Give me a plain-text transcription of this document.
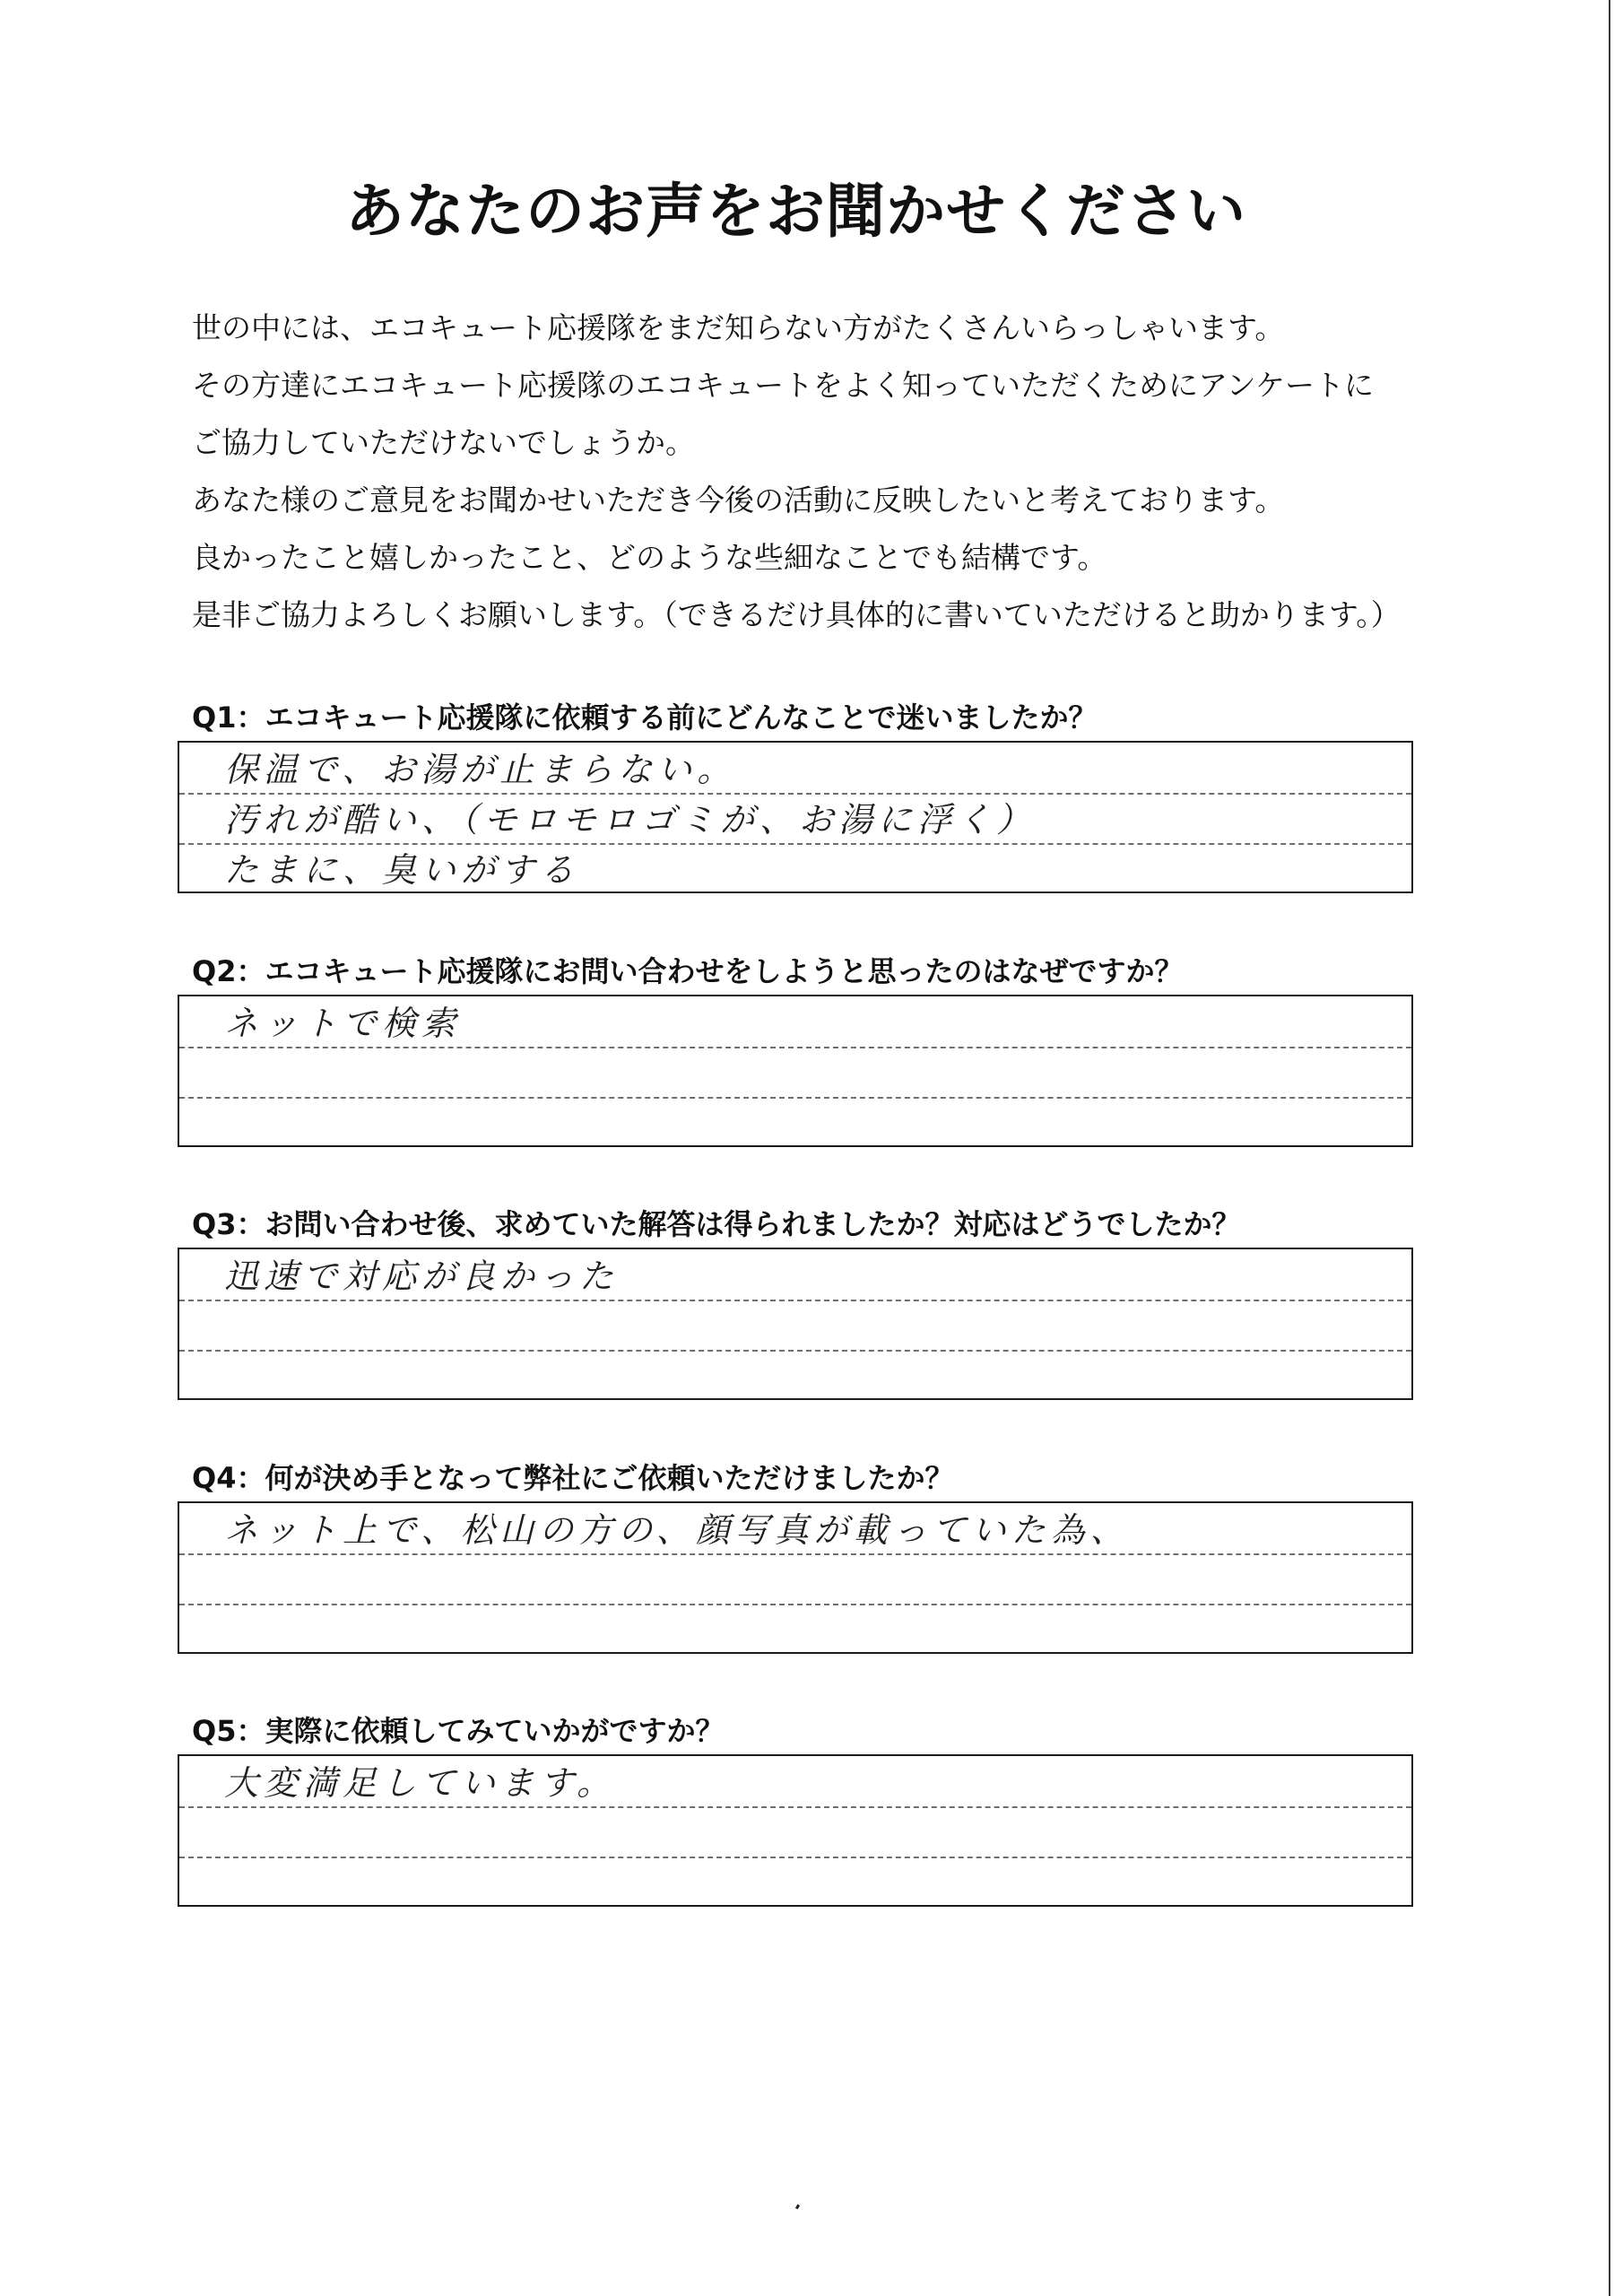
あなたのお声をお聞かせください
世の中には、エコキュート応援隊をまだ知らない方がたくさんいらっしゃいます。
その方達にエコキュート応援隊のエコキュートをよく知っていただくためにアンケートに
ご協力していただけないでしょうか。
あなた様のご意見をお聞かせいただき今後の活動に反映したいと考えております。
良かったこと嬉しかったこと、どのような些細なことでも結構です。
是非ご協力よろしくお願いします。（できるだけ具体的に書いていただけると助かります。）
Q1：エコキュート応援隊に依頼する前にどんなことで迷いましたか？
保温で、お湯が止まらない。
汚れが酷い、（モロモロゴミが、お湯に浮く）
たまに、臭いがする
Q2：エコキュート応援隊にお問い合わせをしようと思ったのはなぜですか？
ネットで検索
Q3：お問い合わせ後、求めていた解答は得られましたか？対応はどうでしたか？
迅速で対応が良かった
Q4：何が決め手となって弊社にご依頼いただけましたか？
ネット上で、松山の方の、顔写真が載っていた為、
Q5：実際に依頼してみていかがですか？
大変満足しています。
